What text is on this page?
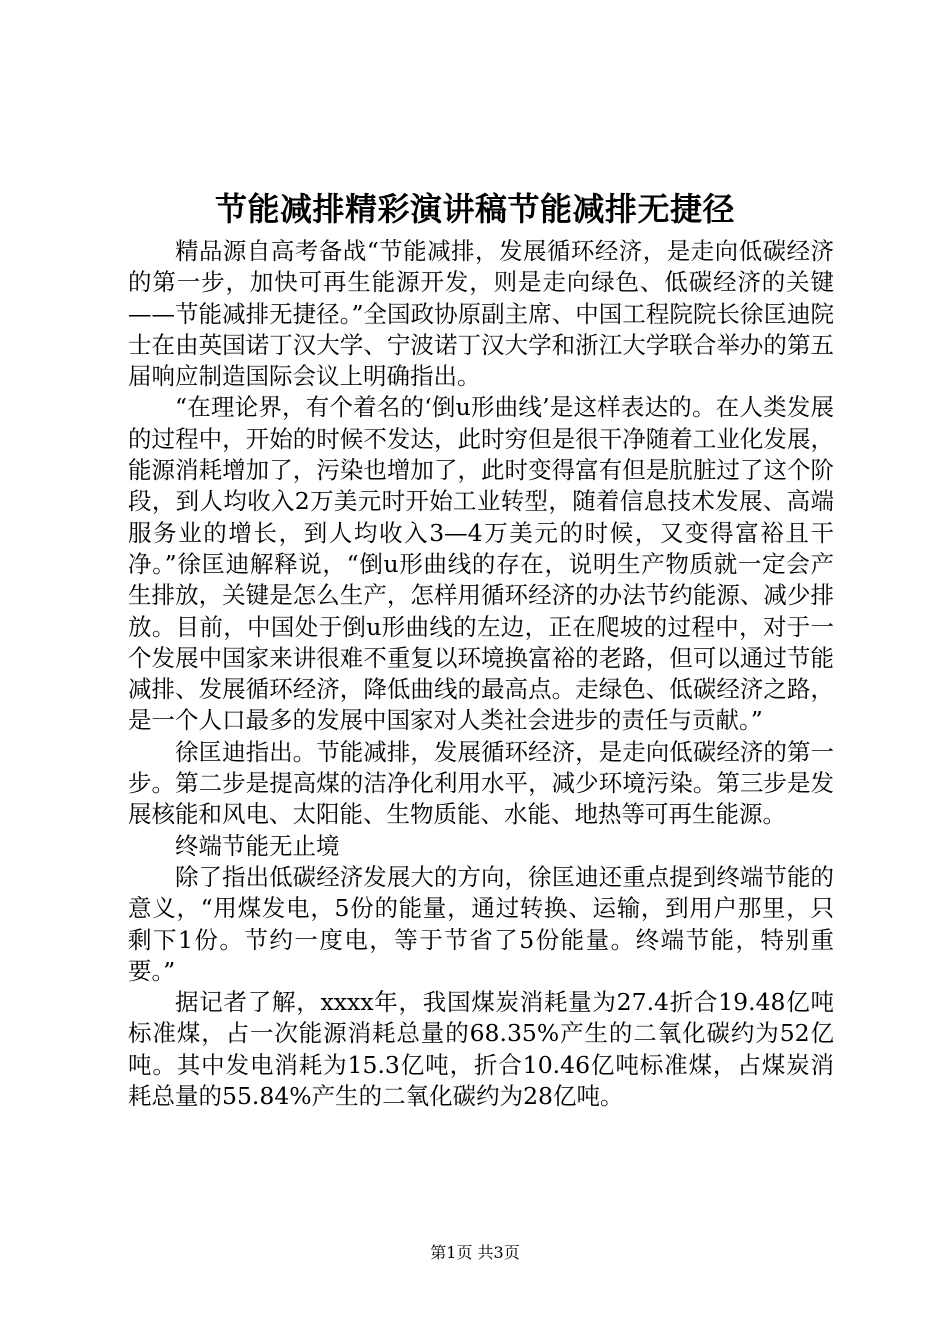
节能减排精彩演讲稿节能减排无捷径

精品源自高考备战“节能减排，发展循环经济，是走向低碳经济的第一步，加快可再生能源开发，则是走向绿色、低碳经济的关键——节能减排无捷径。”全国政协原副主席、中国工程院院长徐匡迪院士在由英国诺丁汉大学、宁波诺丁汉大学和浙江大学联合举办的第五届响应制造国际会议上明确指出。

“在理论界，有个着名的‘倒u形曲线’是这样表达的。在人类发展的过程中，开始的时候不发达，此时穷但是很干净随着工业化发展，能源消耗增加了，污染也增加了，此时变得富有但是肮脏过了这个阶段，到人均收入2万美元时开始工业转型，随着信息技术发展、高端服务业的增长，到人均收入3—4万美元的时候，又变得富裕且干净。”徐匡迪解释说，“倒u形曲线的存在，说明生产物质就一定会产生排放，关键是怎么生产，怎样用循环经济的办法节约能源、减少排放。目前，中国处于倒u形曲线的左边，正在爬坡的过程中，对于一个发展中国家来讲很难不重复以环境换富裕的老路，但可以通过节能减排、发展循环经济，降低曲线的最高点。走绿色、低碳经济之路，是一个人口最多的发展中国家对人类社会进步的责任与贡献。”

徐匡迪指出。节能减排，发展循环经济，是走向低碳经济的第一步。第二步是提高煤的洁净化利用水平，减少环境污染。第三步是发展核能和风电、太阳能、生物质能、水能、地热等可再生能源。

终端节能无止境

除了指出低碳经济发展大的方向，徐匡迪还重点提到终端节能的意义，“用煤发电，5份的能量，通过转换、运输，到用户那里，只剩下1份。节约一度电，等于节省了5份能量。终端节能，特别重要。”

据记者了解，xxxx年，我国煤炭消耗量为27.4折合19.48亿吨标准煤，占一次能源消耗总量的68.35%产生的二氧化碳约为52亿吨。其中发电消耗为15.3亿吨，折合10.46亿吨标准煤，占煤炭消耗总量的55.84%产生的二氧化碳约为28亿吨。

第1页 共3页
